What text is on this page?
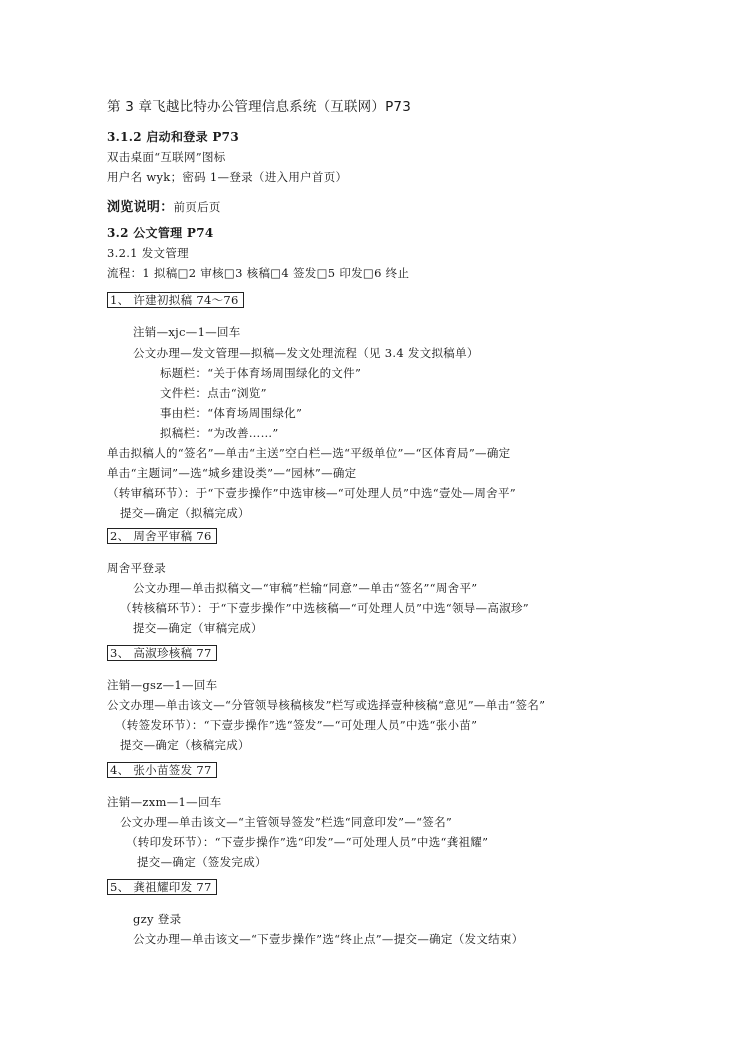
第 3 章飞越比特办公管理信息系统（互联网）P73
3.1.2 启动和登录 P73
双击桌面“互联网”图标
用户名 wyk；密码 1—登录（进入用户首页）
浏览说明：前页后页
3.2 公文管理 P74
3.2.1 发文管理
流程：1 拟稿□2 审核□3 核稿□4 签发□5 印发□6 终止
1、 许建初拟稿 74～76
注销—xjc—1—回车
公文办理—发文管理—拟稿—发文处理流程（见 3.4 发文拟稿单）
标题栏：“关于体育场周围绿化的文件”
文件栏：点击“浏览”
事由栏：“体育场周围绿化”
拟稿栏：“为改善……”
单击拟稿人的“签名”—单击“主送”空白栏—选“平级单位”—“区体育局”—确定
单击“主题词”—选“城乡建设类”—“园林”—确定
（转审稿环节）：于“下壹步操作”中选审核—“可处理人员”中选“壹处—周舍平”
提交—确定（拟稿完成）
2、 周舍平审稿 76
周舍平登录
公文办理—单击拟稿文—“审稿”栏输“同意”—单击“签名”“周舍平”
（转核稿环节）：于“下壹步操作”中选核稿—“可处理人员”中选“领导—高淑珍”
提交—确定（审稿完成）
3、 高淑珍核稿 77
注销—gsz—1—回车
公文办理—单击该文—“分管领导核稿核发”栏写或选择壹种核稿“意见”—单击“签名”
（转签发环节）：“下壹步操作”选“签发”—“可处理人员”中选“张小苗”
提交—确定（核稿完成）
4、 张小苗签发 77
注销—zxm—1—回车
公文办理—单击该文—“主管领导签发”栏选“同意印发”—“签名”
（转印发环节）：“下壹步操作”选“印发”—“可处理人员”中选“龚祖耀”
提交—确定（签发完成）
5、 龚祖耀印发 77
gzy 登录
公文办理—单击该文—“下壹步操作”选“终止点”—提交—确定（发文结束）
